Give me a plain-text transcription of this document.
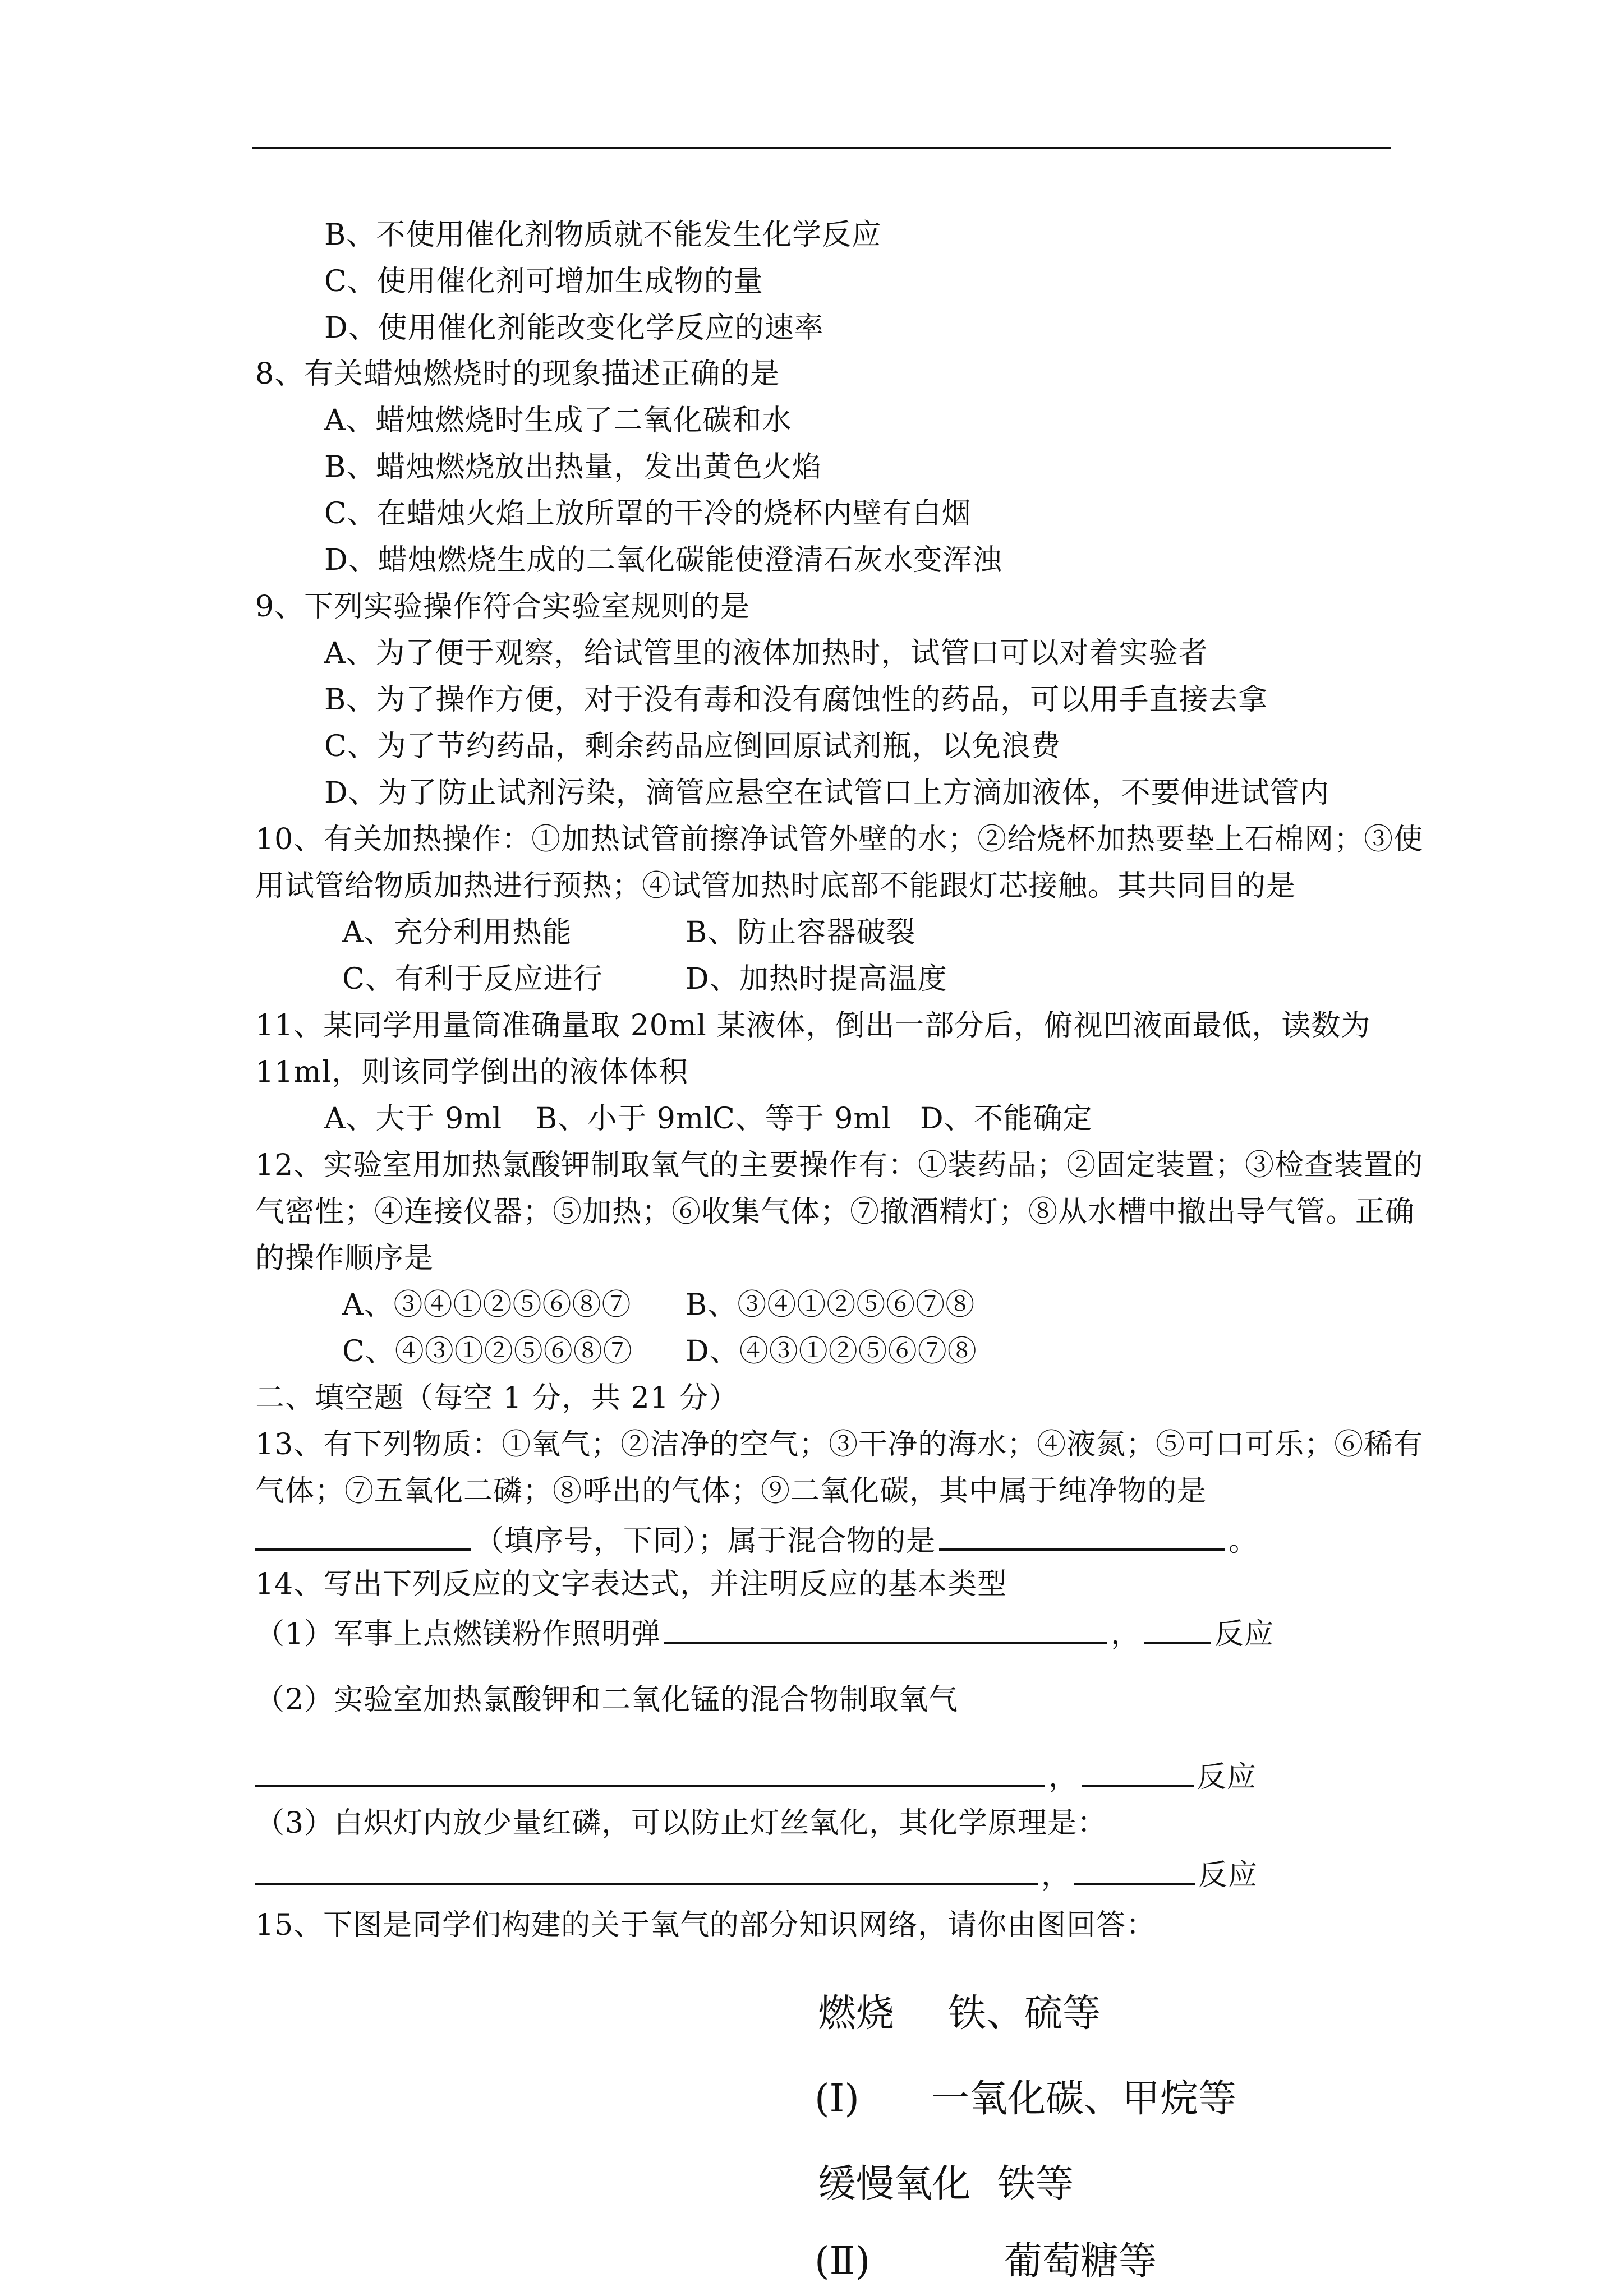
B、不使用催化剂物质就不能发生化学反应
C、使用催化剂可增加生成物的量
D、使用催化剂能改变化学反应的速率
8、有关蜡烛燃烧时的现象描述正确的是
A、蜡烛燃烧时生成了二氧化碳和水
B、蜡烛燃烧放出热量，发出黄色火焰
C、在蜡烛火焰上放所罩的干冷的烧杯内壁有白烟
D、蜡烛燃烧生成的二氧化碳能使澄清石灰水变浑浊
9、下列实验操作符合实验室规则的是
A、为了便于观察，给试管里的液体加热时，试管口可以对着实验者
B、为了操作方便，对于没有毒和没有腐蚀性的药品，可以用手直接去拿
C、为了节约药品，剩余药品应倒回原试剂瓶，以免浪费
D、为了防止试剂污染，滴管应悬空在试管口上方滴加液体，不要伸进试管内
10、有关加热操作：①加热试管前擦净试管外壁的水；②给烧杯加热要垫上石棉网；③使
用试管给物质加热进行预热；④试管加热时底部不能跟灯芯接触。其共同目的是
A、充分利用热能	B、防止容器破裂
C、有利于反应进行	D、加热时提高温度
11、某同学用量筒准确量取 20ml 某液体，倒出一部分后，俯视凹液面最低，读数为
11ml，则该同学倒出的液体体积
A、大于 9ml B、小于 9ml
C、等于 9ml D、不能确定
12、实验室用加热氯酸钾制取氧气的主要操作有：①装药品；②固定装置；③检查装置的
气密性；④连接仪器；⑤加热；⑥收集气体；⑦撤酒精灯；⑧从水槽中撤出导气管。正确
的操作顺序是
A、③④①②⑤⑥⑧⑦ B、③④①②⑤⑥⑦⑧
C、④③①②⑤⑥⑧⑦ D、④③①②⑤⑥⑦⑧
二、填空题（每空 1 分，共 21 分）
13、有下列物质：①氧气；②洁净的空气；③干净的海水；④液氮；⑤可口可乐；⑥稀有
气体；⑦五氧化二磷；⑧呼出的气体；⑨二氧化碳，其中属于纯净物的是
（填序号，下同）；属于混合物的是	。
14、写出下列反应的文字表达式，并注明反应的基本类型
（1）军事上点燃镁粉作照明弹	，	反应
（2）实验室加热氯酸钾和二氧化锰的混合物制取氧气
，	反应
（3）白炽灯内放少量红磷，可以防止灯丝氧化，其化学原理是：
，	反应
15、下图是同学们构建的关于氧气的部分知识网络，请你由图回答：
燃烧 铁、硫等
(Ⅰ) 一氧化碳、甲烷等
缓慢氧化 铁等
(Ⅱ)	葡萄糖等
